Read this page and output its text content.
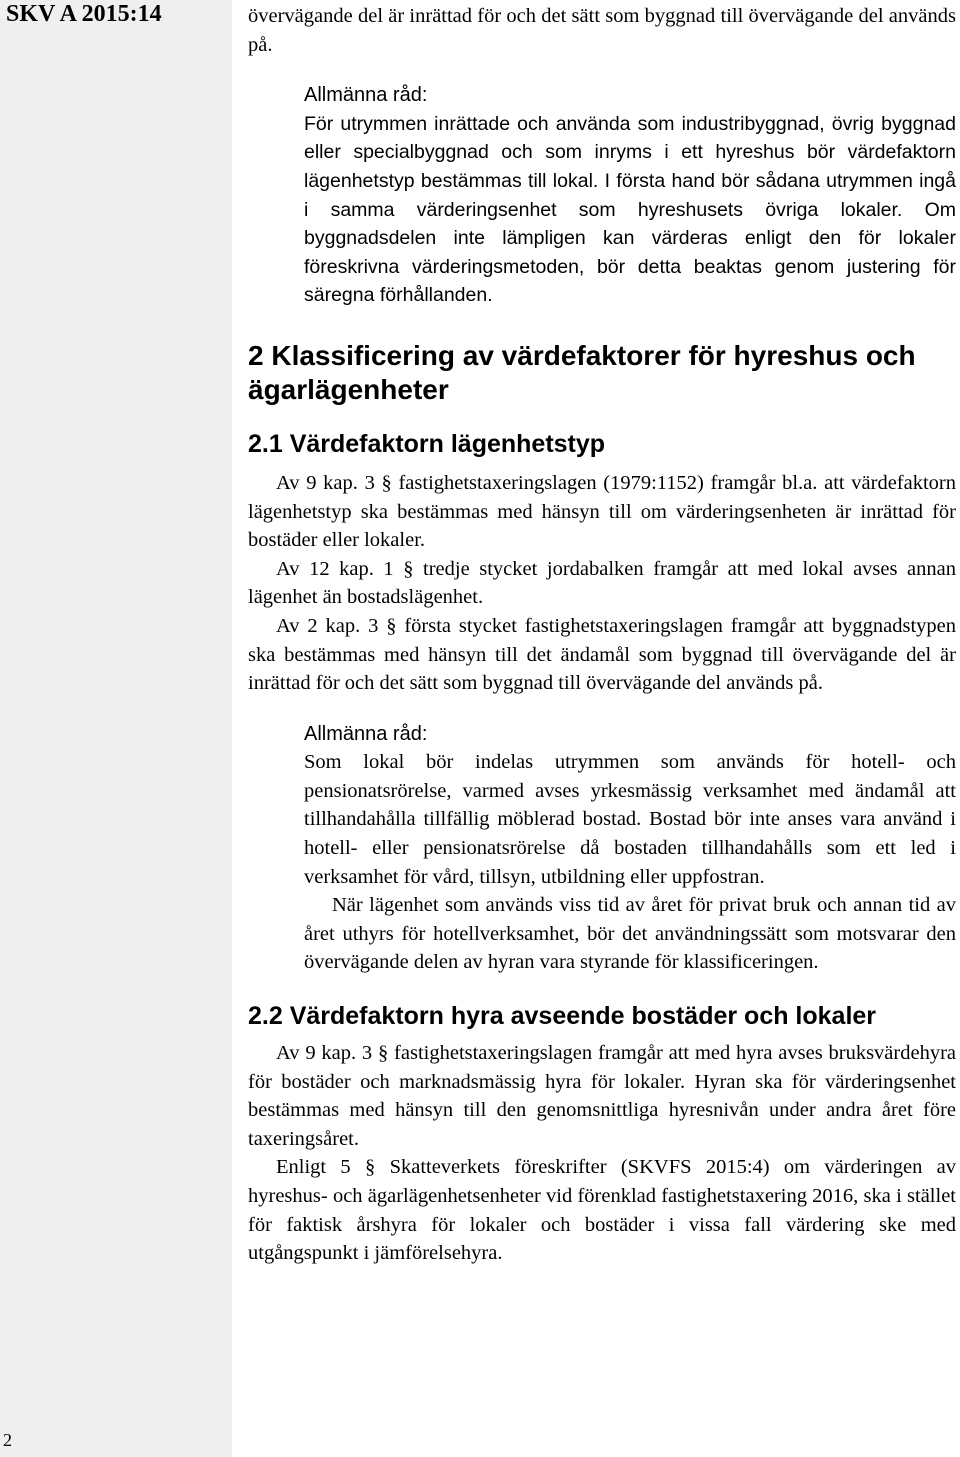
SKV A 2015:14
2

övervägande del är inrättad för och det sätt som byggnad till övervägande del används på.

Allmänna råd:

För utrymmen inrättade och använda som industribyggnad, övrig byggnad eller specialbyggnad och som inryms i ett hyreshus bör värdefaktorn lägenhetstyp bestämmas till lokal. I första hand bör sådana utrymmen ingå i samma värderingsenhet som hyreshusets övriga lokaler. Om byggnadsdelen inte lämpligen kan värderas enligt den för lokaler föreskrivna värderingsmetoden, bör detta beaktas genom justering för säregna förhållanden.

2 Klassificering av värdefaktorer för hyreshus och ägarlägenheter
2.1 Värdefaktorn lägenhetstyp

Av 9 kap. 3 § fastighetstaxeringslagen (1979:1152) framgår bl.a. att värdefaktorn lägenhetstyp ska bestämmas med hänsyn till om värderingsenheten är inrättad för bostäder eller lokaler.

Av 12 kap. 1 § tredje stycket jordabalken framgår att med lokal avses annan lägenhet än bostadslägenhet.

Av 2 kap. 3 § första stycket fastighetstaxeringslagen framgår att byggnadstypen ska bestämmas med hänsyn till det ändamål som byggnad till övervägande del är inrättad för och det sätt som byggnad till övervägande del används på.

Allmänna råd:

Som lokal bör indelas utrymmen som används för hotell- och pensionatsrörelse, varmed avses yrkesmässig verksamhet med ändamål att tillhandahålla tillfällig möblerad bostad. Bostad bör inte anses vara använd i hotell- eller pensionatsrörelse då bostaden tillhandahålls som ett led i verksamhet för vård, tillsyn, utbildning eller uppfostran.

När lägenhet som används viss tid av året för privat bruk och annan tid av året uthyrs för hotellverksamhet, bör det användningssätt som motsvarar den övervägande delen av hyran vara styrande för klassificeringen.

2.2 Värdefaktorn hyra avseende bostäder och lokaler

Av 9 kap. 3 § fastighetstaxeringslagen framgår att med hyra avses bruksvärdehyra för bostäder och marknadsmässig hyra för lokaler. Hyran ska för värderingsenhet bestämmas med hänsyn till den genomsnittliga hyresnivån under andra året före taxeringsåret.

Enligt 5 § Skatteverkets föreskrifter (SKVFS 2015:4) om värderingen av hyreshus- och ägarlägenhetsenheter vid förenklad fastighetstaxering 2016, ska i stället för faktisk årshyra för lokaler och bostäder i vissa fall värdering ske med utgångspunkt i jämförelsehyra.
